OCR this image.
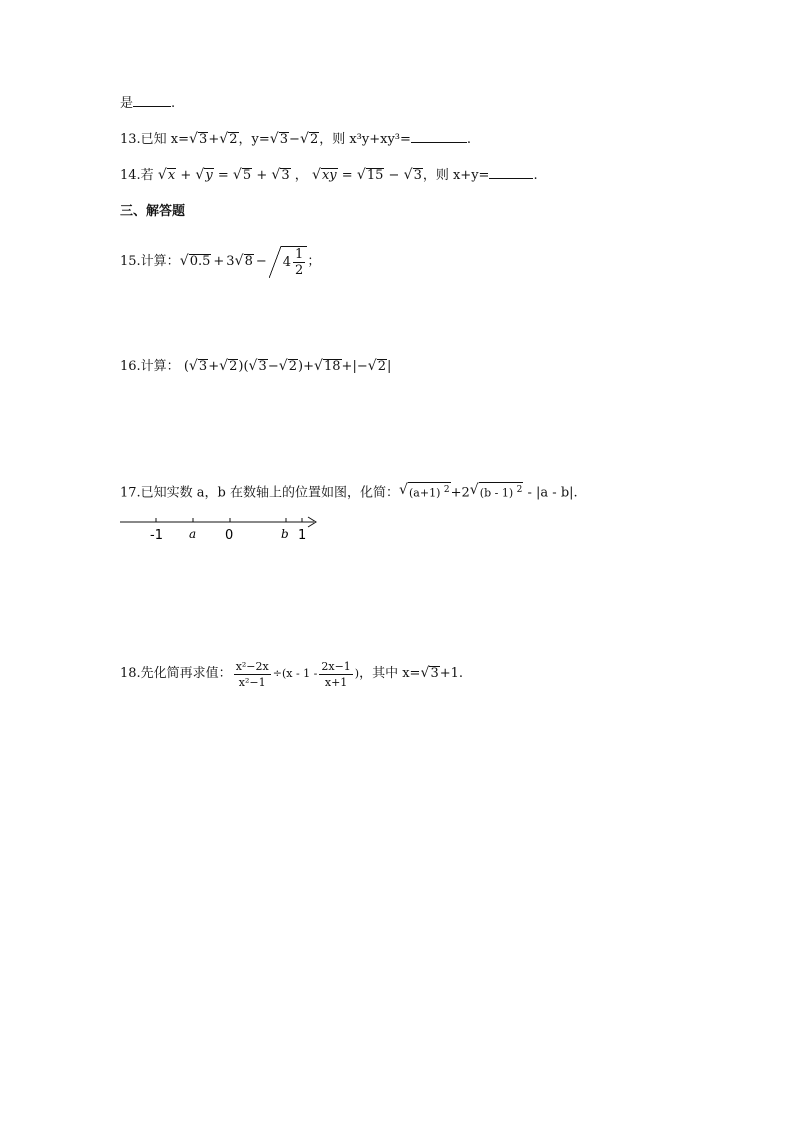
是	.
13.已知 x= √ 3+ √ 2，y= √ 3− √ 2，则 x³y+xy³=	.
14.若 √ x + √ y = √ 5 + √ 3 ， √ xy = √ 15 − √ 3，则 x+y=	.
三、解答题
15.计算： √ 0.5 + 3 √ $8 - 4 \frac{1}{2}$ ；
16.计算： ( √ 3+ √ 2)( √ 3− √ 2)+ √ 18+|− √ 2|
17.已知实数 a，b 在数轴上的位置如图，化简： √ (a+1) $^2$+2 √ (b - 1) $^2$ - |a - b|.
-1 a 0	b 1
18.先化简再求值： $\frac{\text{x²−2x}}{\text{x²−1}} \div(x - 1 - \frac{2x-1}{x+1}$ ) ，其中 x= √ 3 +1.
